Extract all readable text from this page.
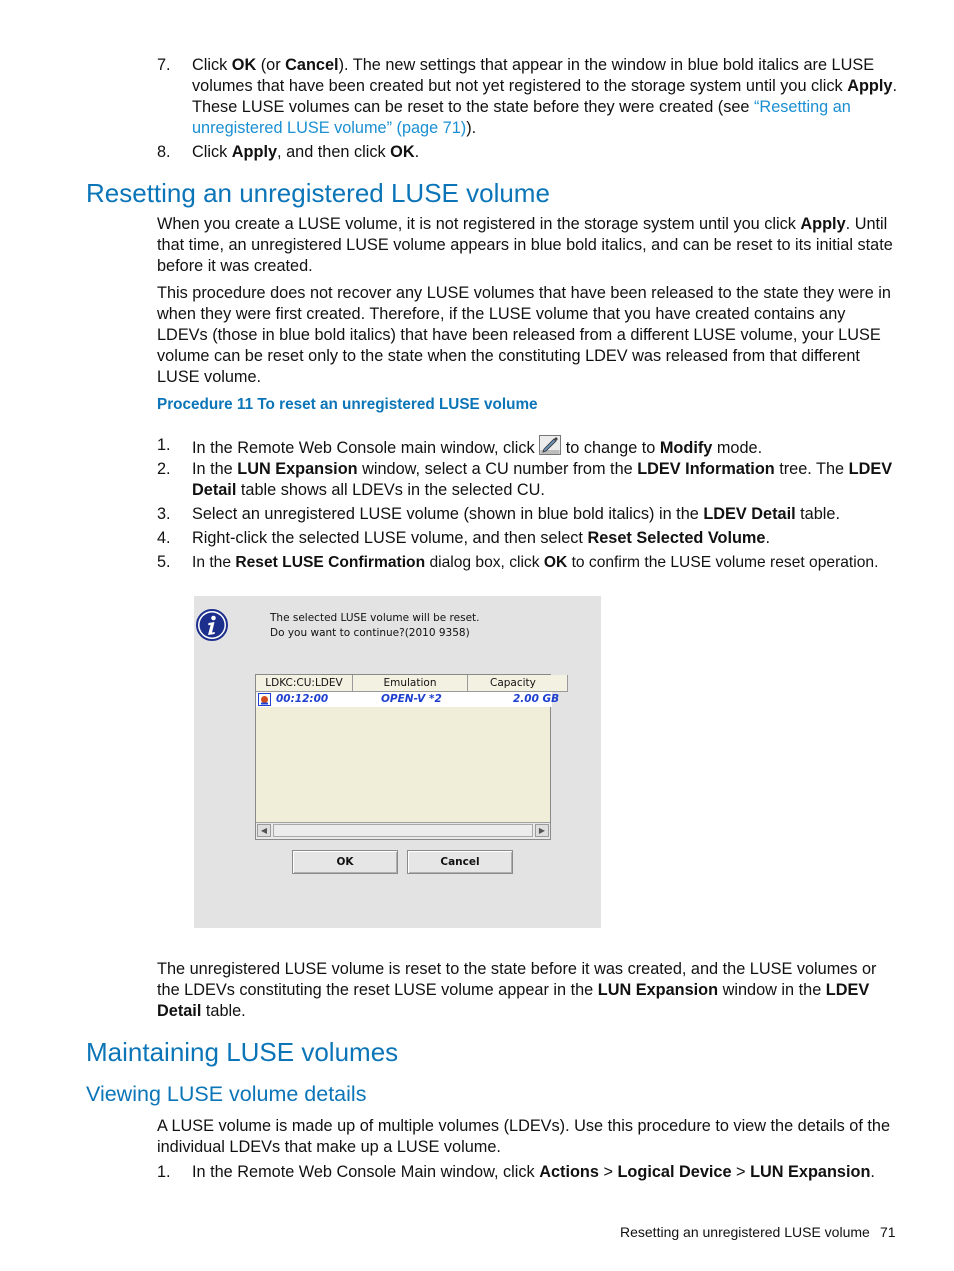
7.	Click OK (or Cancel). The new settings that appear in the window in blue bold italics are LUSE volumes that have been created but not yet registered to the storage system until you click Apply. These LUSE volumes can be reset to the state before they were created (see “Resetting an unregistered LUSE volume” (page 71)).
8.	Click Apply, and then click OK.
Resetting an unregistered LUSE volume
When you create a LUSE volume, it is not registered in the storage system until you click Apply. Until that time, an unregistered LUSE volume appears in blue bold italics, and can be reset to its initial state before it was created.
This procedure does not recover any LUSE volumes that have been released to the state they were in when they were first created. Therefore, if the LUSE volume that you have created contains any LDEVs (those in blue bold italics) that have been released from a different LUSE volume, your LUSE volume can be reset only to the state when the constituting LDEV was released from that different LUSE volume.
Procedure 11 To reset an unregistered LUSE volume
1.	In the Remote Web Console main window, click  to change to Modify mode.
2.	In the LUN Expansion window, select a CU number from the LDEV Information tree. The LDEV Detail table shows all LDEVs in the selected CU.
3.	Select an unregistered LUSE volume (shown in blue bold italics) in the LDEV Detail table.
4.	Right-click the selected LUSE volume, and then select Reset Selected Volume.
5.	In the Reset LUSE Confirmation dialog box, click OK to confirm the LUSE volume reset operation.
The selected LUSE volume will be reset.
Do you want to continue?(2010 9358)
LDKC:CU:LDEV	Emulation	Capacity
00:12:00	OPEN-V *2	2.00 GB
◀	▶
OK	Cancel
The unregistered LUSE volume is reset to the state before it was created, and the LUSE volumes or the LDEVs constituting the reset LUSE volume appear in the LUN Expansion window in the LDEV Detail table.
Maintaining LUSE volumes
Viewing LUSE volume details
A LUSE volume is made up of multiple volumes (LDEVs). Use this procedure to view the details of the individual LDEVs that make up a LUSE volume.
1.	In the Remote Web Console Main window, click Actions > Logical Device > LUN Expansion.
Resetting an unregistered LUSE volume 71
